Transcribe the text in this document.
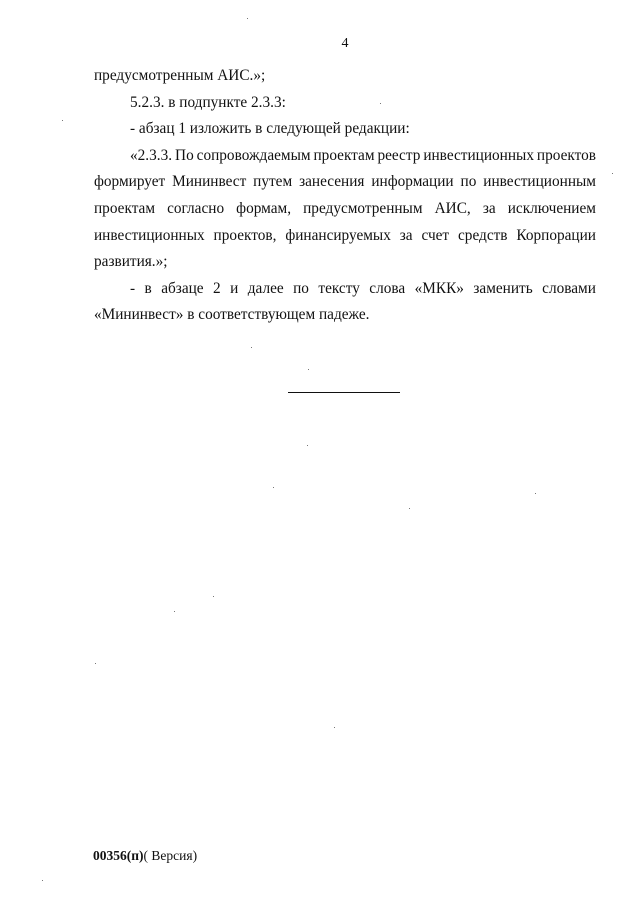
4
предусмотренным АИС.»;
5.2.3. в подпункте 2.3.3:
- абзац 1 изложить в следующей редакции:
«2.3.3. По сопровождаемым проектам реестр инвестиционных проектов
формирует Мининвест путем занесения информации по инвестиционным
проектам согласно формам, предусмотренным АИС, за исключением
инвестиционных проектов, финансируемых за счет средств Корпорации
развития.»;
- в абзаце 2 и далее по тексту слова «МКК» заменить словами
«Мининвест» в соответствующем падеже.
00356(п)( Версия)
